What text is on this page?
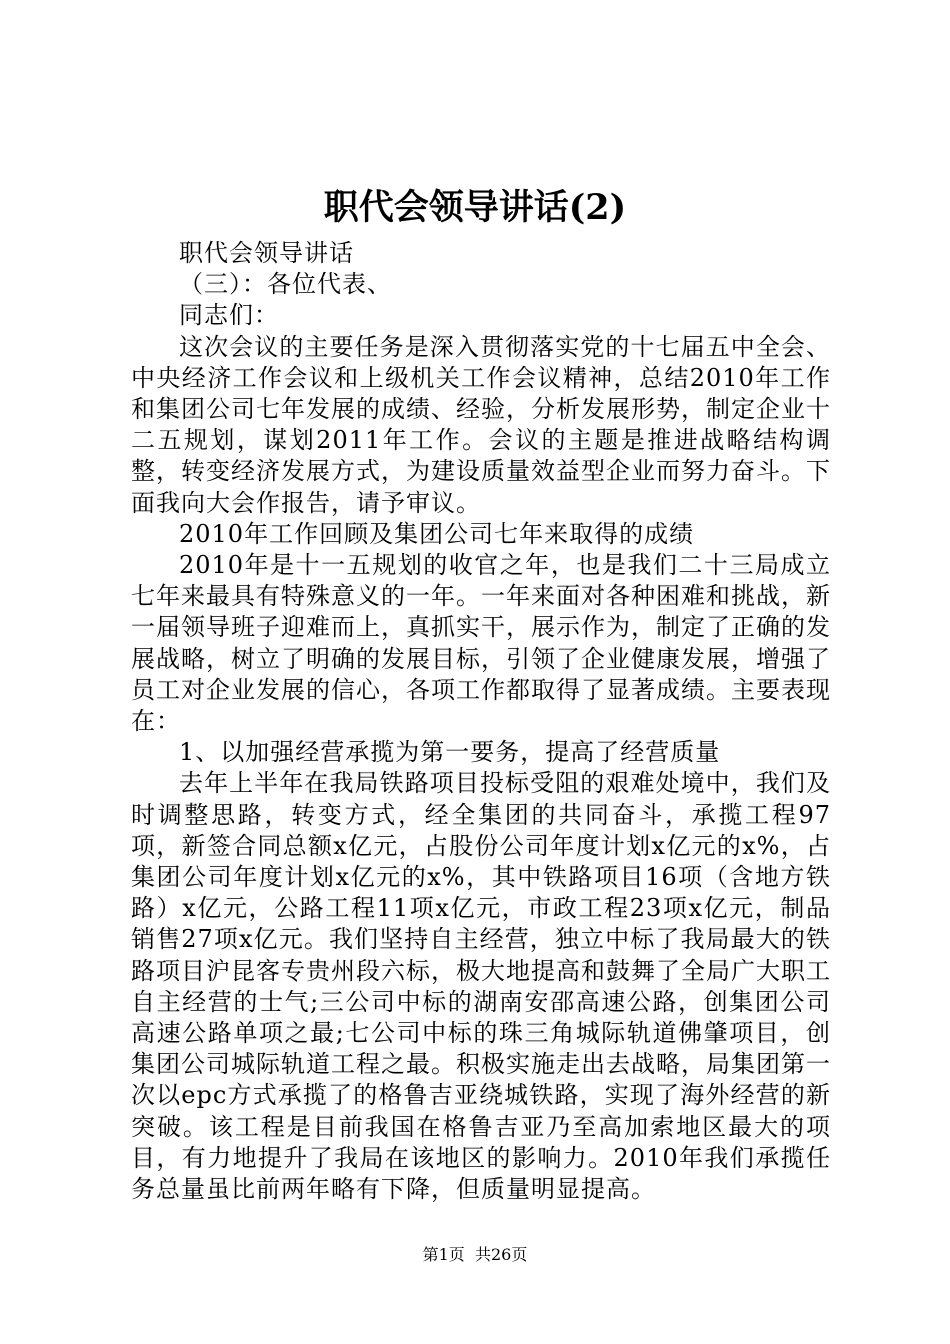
职代会领导讲话(2)

职代会领导讲话

（三）：各位代表、

同志们：

这次会议的主要任务是深入贯彻落实党的十七届五中全会、中央经济工作会议和上级机关工作会议精神，总结2010年工作和集团公司七年发展的成绩、经验，分析发展形势，制定企业十二五规划，谋划2011年工作。会议的主题是推进战略结构调整，转变经济发展方式，为建设质量效益型企业而努力奋斗。下面我向大会作报告，请予审议。

2010年工作回顾及集团公司七年来取得的成绩

2010年是十一五规划的收官之年，也是我们二十三局成立七年来最具有特殊意义的一年。一年来面对各种困难和挑战，新一届领导班子迎难而上，真抓实干，展示作为，制定了正确的发展战略，树立了明确的发展目标，引领了企业健康发展，增强了员工对企业发展的信心，各项工作都取得了显著成绩。主要表现在：

1、以加强经营承揽为第一要务，提高了经营质量

去年上半年在我局铁路项目投标受阻的艰难处境中，我们及时调整思路，转变方式，经全集团的共同奋斗，承揽工程97项，新签合同总额x亿元，占股份公司年度计划x亿元的x%，占集团公司年度计划x亿元的x%，其中铁路项目16项（含地方铁路）x亿元，公路工程11项x亿元，市政工程23项x亿元，制品销售27项x亿元。我们坚持自主经营，独立中标了我局最大的铁路项目沪昆客专贵州段六标，极大地提高和鼓舞了全局广大职工自主经营的士气;三公司中标的湖南安邵高速公路，创集团公司高速公路单项之最;七公司中标的珠三角城际轨道佛肇项目，创集团公司城际轨道工程之最。积极实施走出去战略，局集团第一次以epc方式承揽了的格鲁吉亚绕城铁路，实现了海外经营的新突破。该工程是目前我国在格鲁吉亚乃至高加索地区最大的项目，有力地提升了我局在该地区的影响力。2010年我们承揽任务总量虽比前两年略有下降，但质量明显提高。

第1页 共26页
